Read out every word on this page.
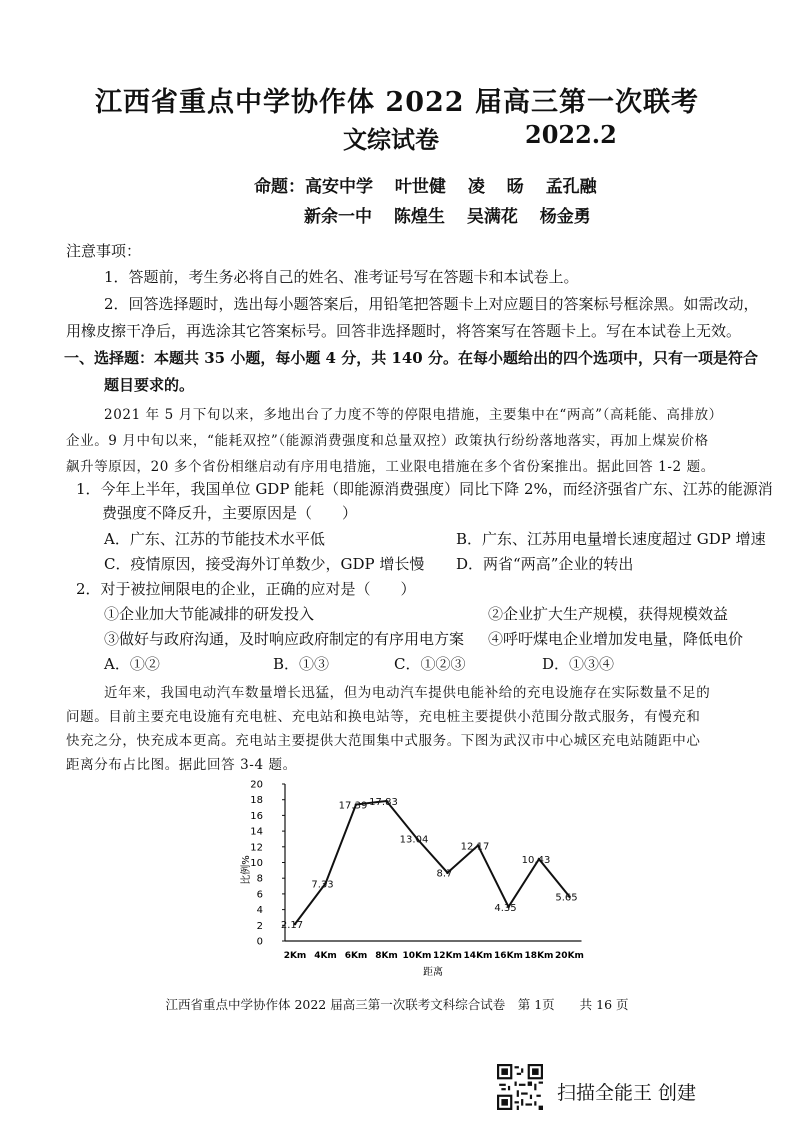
江西省重点中学协作体 2022 届高三第一次联考
文综试卷	2022.2
命题：高安中学 叶世健 凌 旸 孟孔融
新余一中 陈煌生 吴满花 杨金勇
注意事项：
1．答题前，考生务必将自己的姓名、准考证号写在答题卡和本试卷上。
2．回答选择题时，选出每小题答案后，用铅笔把答题卡上对应题目的答案标号框涂黑。如需改动，
用橡皮擦干净后，再选涂其它答案标号。回答非选择题时，将答案写在答题卡上。写在本试卷上无效。
一、选择题：本题共 35 小题，每小题 4 分，共 140 分。在每小题给出的四个选项中，只有一项是符合
题目要求的。
2021 年 5 月下旬以来，多地出台了力度不等的停限电措施，主要集中在“两高”（高耗能、高排放）
企业。9 月中旬以来，“能耗双控”（能源消费强度和总量双控）政策执行纷纷落地落实，再加上煤炭价格
飙升等原因，20 多个省份相继启动有序用电措施，工业限电措施在多个省份案推出。据此回答 1-2 题。
1．今年上半年，我国单位 GDP 能耗（即能源消费强度）同比下降 2%，而经济强省广东、江苏的能源消
费强度不降反升，主要原因是（　　）
A．广东、江苏的节能技术水平低	B．广东、江苏用电量增长速度超过 GDP 增速
C．疫情原因，接受海外订单数少，GDP 增长慢 D．两省“两高”企业的转出
2．对于被拉闸限电的企业，正确的应对是（　　）
①企业加大节能减排的研发投入	②企业扩大生产规模，获得规模效益
③做好与政府沟通，及时响应政府制定的有序用电方案 ④呼吁煤电企业增加发电量，降低电价
A．①②	B．①③	C．①②③	D．①③④
近年来，我国电动汽车数量增长迅猛，但为电动汽车提供电能补给的充电设施存在实际数量不足的
问题。目前主要充电设施有充电桩、充电站和换电站等，充电桩主要提供小范围分散式服务，有慢充和
快充之分，快充成本更高。充电站主要提供大范围集中式服务。下图为武汉市中心城区充电站随距中心
距离分布占比图。据此回答 3-4 题。
0
2
4
6
8
10
12
14
16
18
20
2Km 4Km 6Km 8Km 10Km 12Km 14Km 16Km 18Km 20Km
2.17
7.33
17.39 17.83
13.04
8.7
12.17
4.35
10.43
5.65
比例%
距离
江西省重点中学协作体 2022 届高三第一次联考文科综合试卷　第 1页　　共 16 页
扫描全能王 创建
